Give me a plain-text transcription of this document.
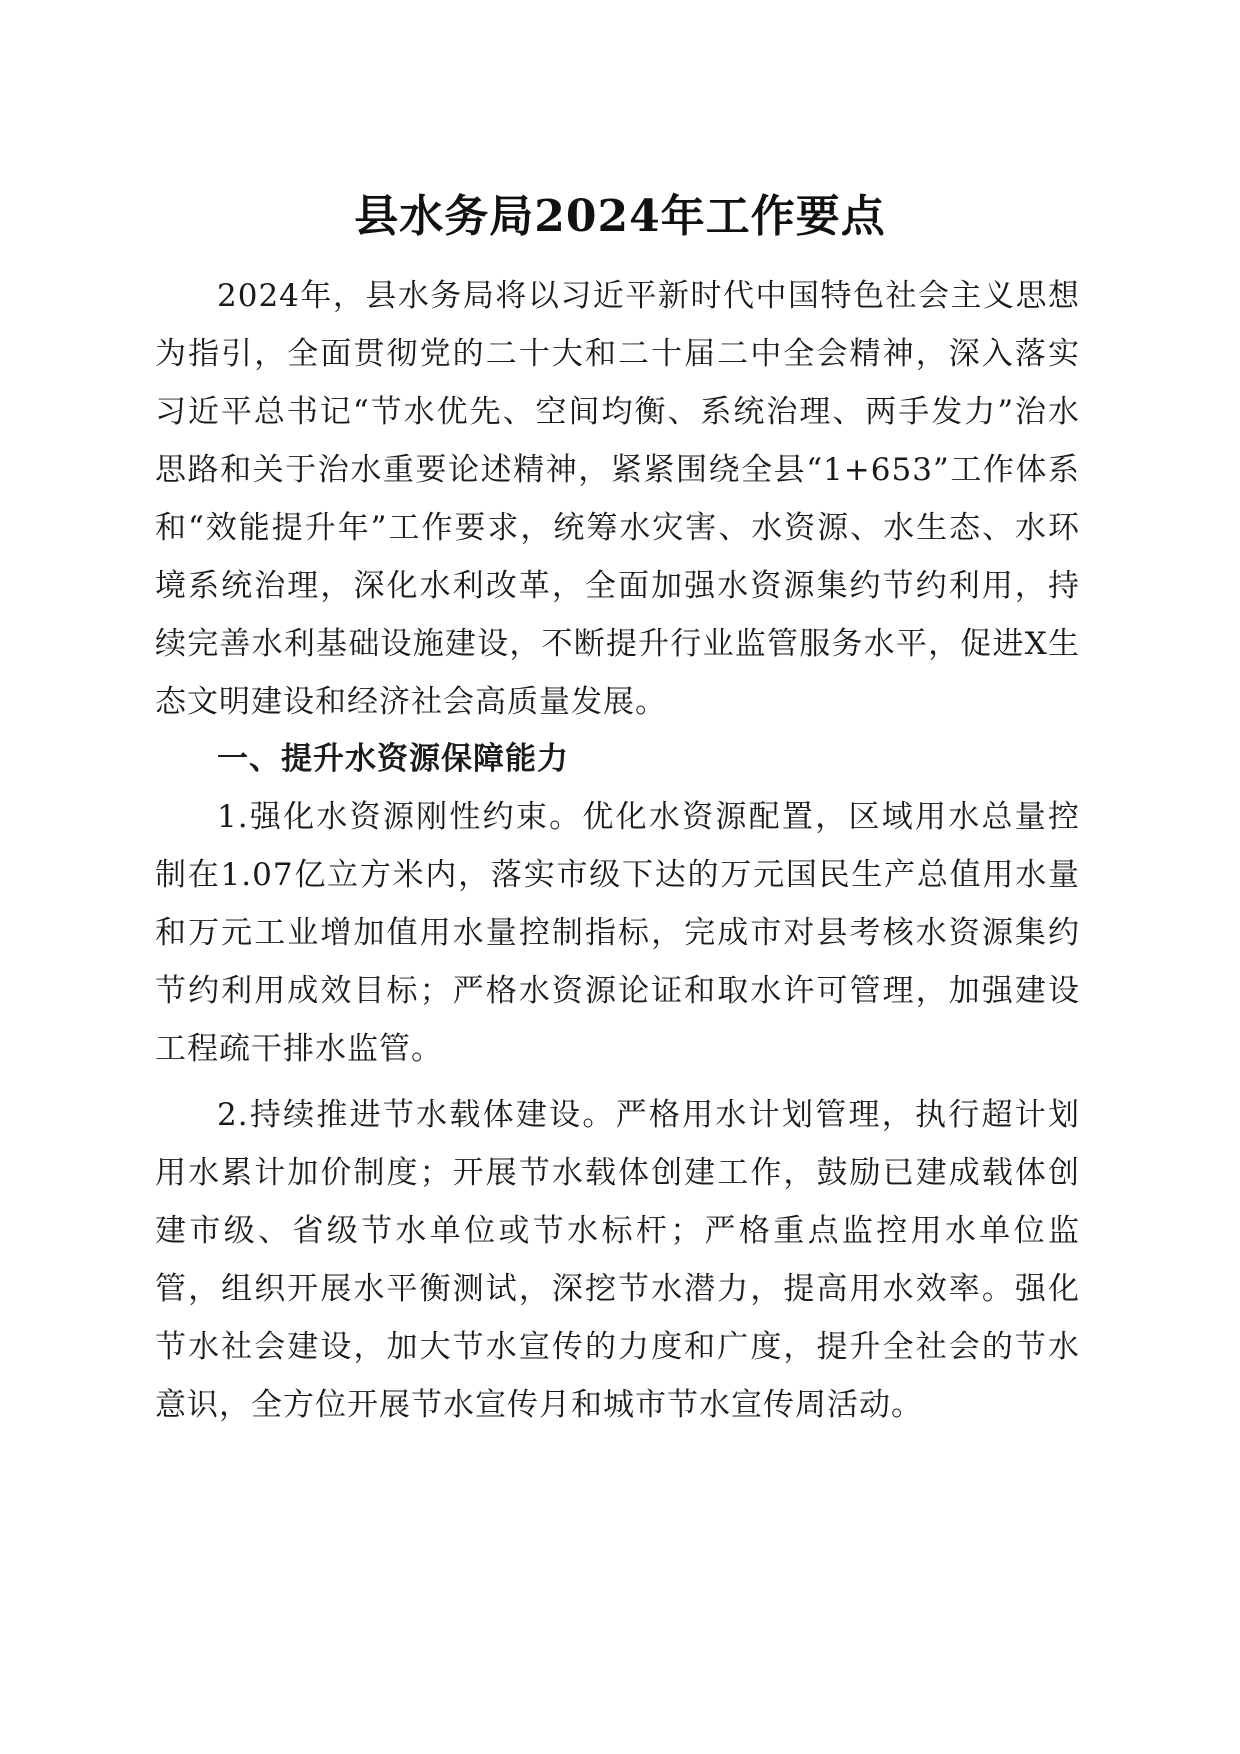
县水务局2024年工作要点

2024年，县水务局将以习近平新时代中国特色社会主义思想为指引，全面贯彻党的二十大和二十届二中全会精神，深入落实习近平总书记“节水优先、空间均衡、系统治理、两手发力”治水思路和关于治水重要论述精神，紧紧围绕全县“1+653”工作体系和“效能提升年”工作要求，统筹水灾害、水资源、水生态、水环境系统治理，深化水利改革，全面加强水资源集约节约利用，持续完善水利基础设施建设，不断提升行业监管服务水平，促进X生态文明建设和经济社会高质量发展。

一、提升水资源保障能力

1.强化水资源刚性约束。优化水资源配置，区域用水总量控制在1.07亿立方米内，落实市级下达的万元国民生产总值用水量和万元工业增加值用水量控制指标，完成市对县考核水资源集约节约利用成效目标；严格水资源论证和取水许可管理，加强建设工程疏干排水监管。

2.持续推进节水载体建设。严格用水计划管理，执行超计划用水累计加价制度；开展节水载体创建工作，鼓励已建成载体创建市级、省级节水单位或节水标杆；严格重点监控用水单位监管，组织开展水平衡测试，深挖节水潜力，提高用水效率。强化节水社会建设，加大节水宣传的力度和广度，提升全社会的节水意识，全方位开展节水宣传月和城市节水宣传周活动。
